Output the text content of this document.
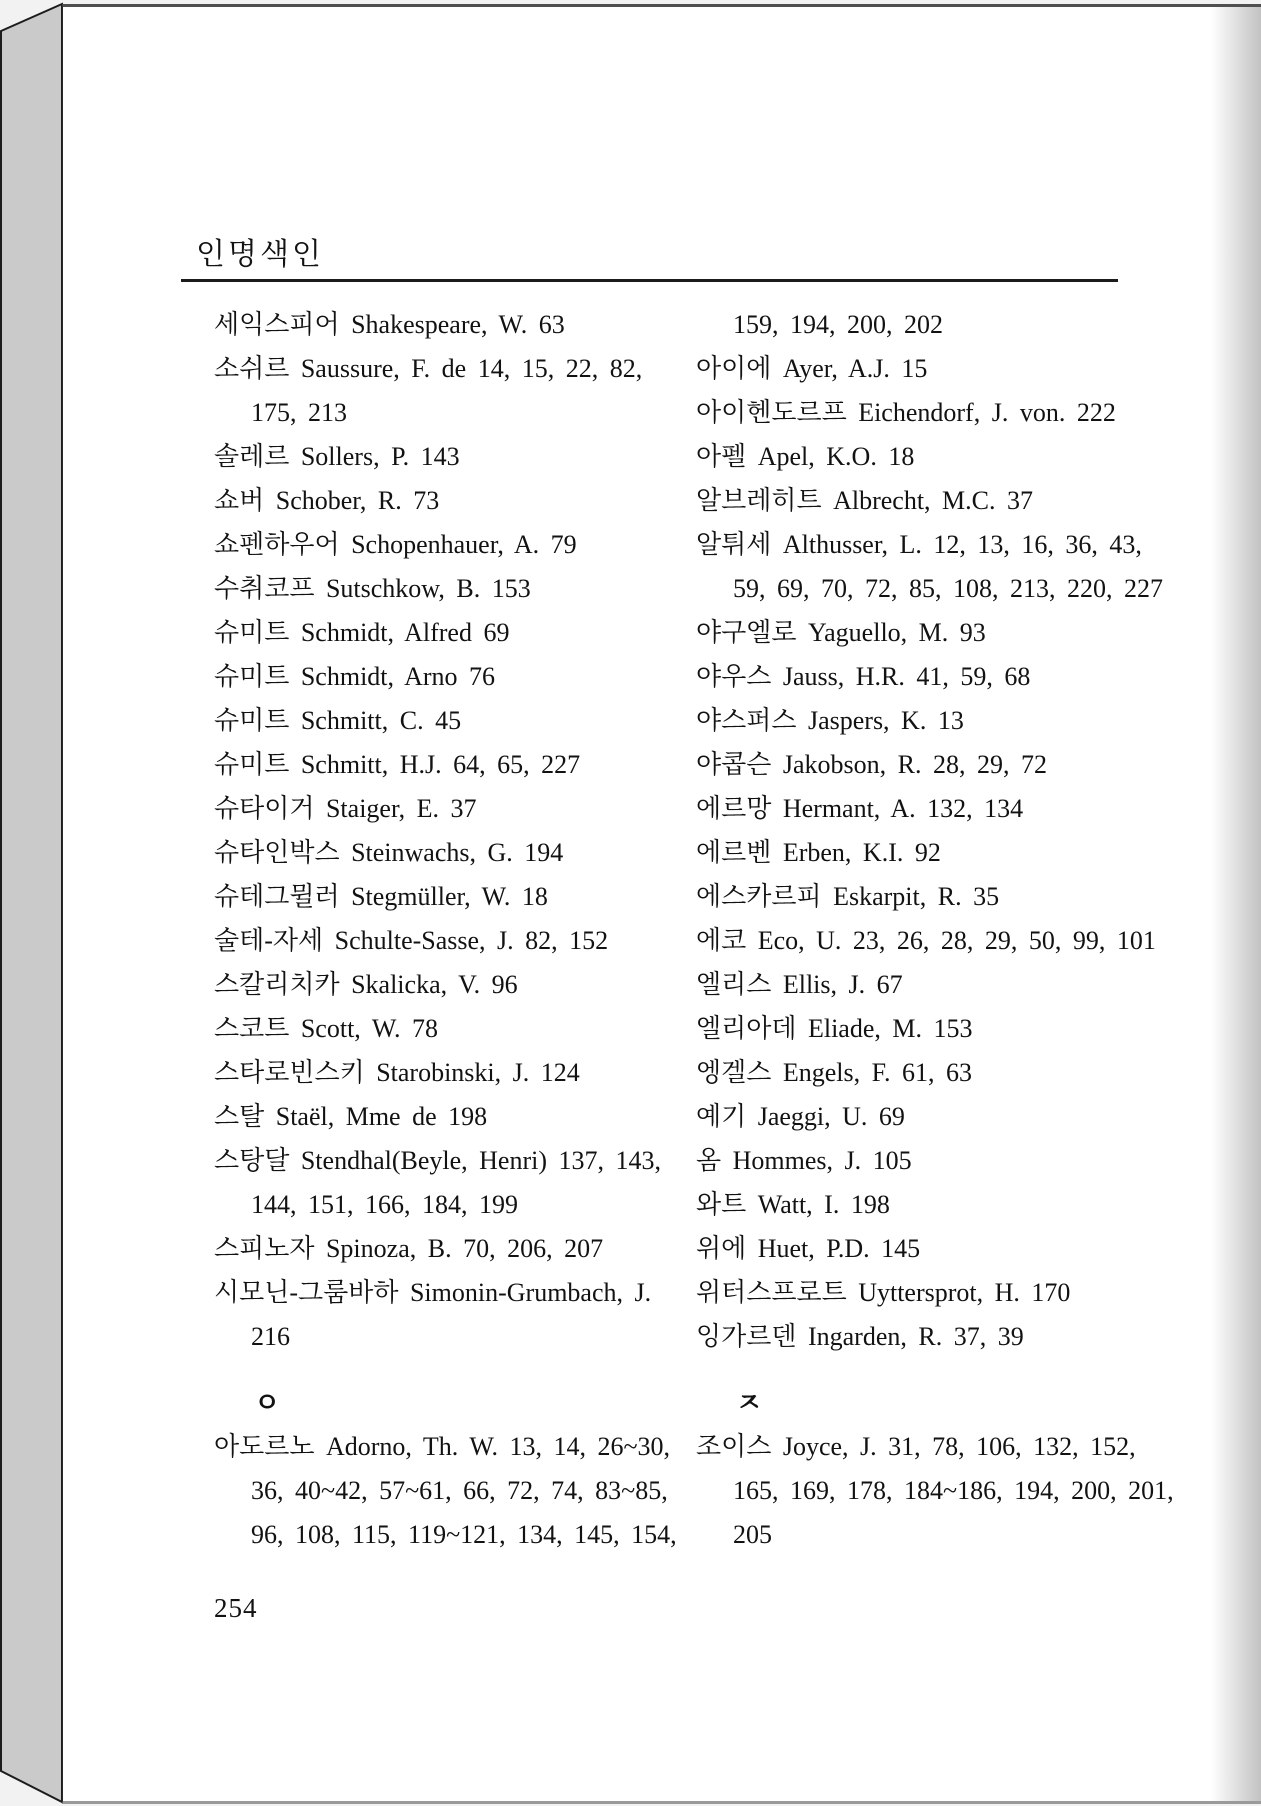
인명색인
세익스피어 Shakespeare, W. 63
소쉬르 Saussure, F. de 14, 15, 22, 82,
175, 213
솔레르 Sollers, P. 143
쇼버 Schober, R. 73
쇼펜하우어 Schopenhauer, A. 79
수취코프 Sutschkow, B. 153
슈미트 Schmidt, Alfred 69
슈미트 Schmidt, Arno 76
슈미트 Schmitt, C. 45
슈미트 Schmitt, H.J. 64, 65, 227
슈타이거 Staiger, E. 37
슈타인박스 Steinwachs, G. 194
슈테그뮐러 Stegmüller, W. 18
술테-자세 Schulte-Sasse, J. 82, 152
스칼리치카 Skalicka, V. 96
스코트 Scott, W. 78
스타로빈스키 Starobinski, J. 124
스탈 Staël, Mme de 198
스탕달 Stendhal(Beyle, Henri) 137, 143,
144, 151, 166, 184, 199
스피노자 Spinoza, B. 70, 206, 207
시모닌-그룸바하 Simonin-Grumbach, J.
216
ㅇ
아도르노 Adorno, Th. W. 13, 14, 26~30,
36, 40~42, 57~61, 66, 72, 74, 83~85,
96, 108, 115, 119~121, 134, 145, 154,
159, 194, 200, 202
아이에 Ayer, A.J. 15
아이헨도르프 Eichendorf, J. von. 222
아펠 Apel, K.O. 18
알브레히트 Albrecht, M.C. 37
알튀세 Althusser, L. 12, 13, 16, 36, 43,
59, 69, 70, 72, 85, 108, 213, 220, 227
야구엘로 Yaguello, M. 93
야우스 Jauss, H.R. 41, 59, 68
야스퍼스 Jaspers, K. 13
야콥슨 Jakobson, R. 28, 29, 72
에르망 Hermant, A. 132, 134
에르벤 Erben, K.I. 92
에스카르피 Eskarpit, R. 35
에코 Eco, U. 23, 26, 28, 29, 50, 99, 101
엘리스 Ellis, J. 67
엘리아데 Eliade, M. 153
엥겔스 Engels, F. 61, 63
예기 Jaeggi, U. 69
옴 Hommes, J. 105
와트 Watt, I. 198
위에 Huet, P.D. 145
위터스프로트 Uyttersprot, H. 170
잉가르덴 Ingarden, R. 37, 39
ㅈ
조이스 Joyce, J. 31, 78, 106, 132, 152,
165, 169, 178, 184~186, 194, 200, 201,
205
254
